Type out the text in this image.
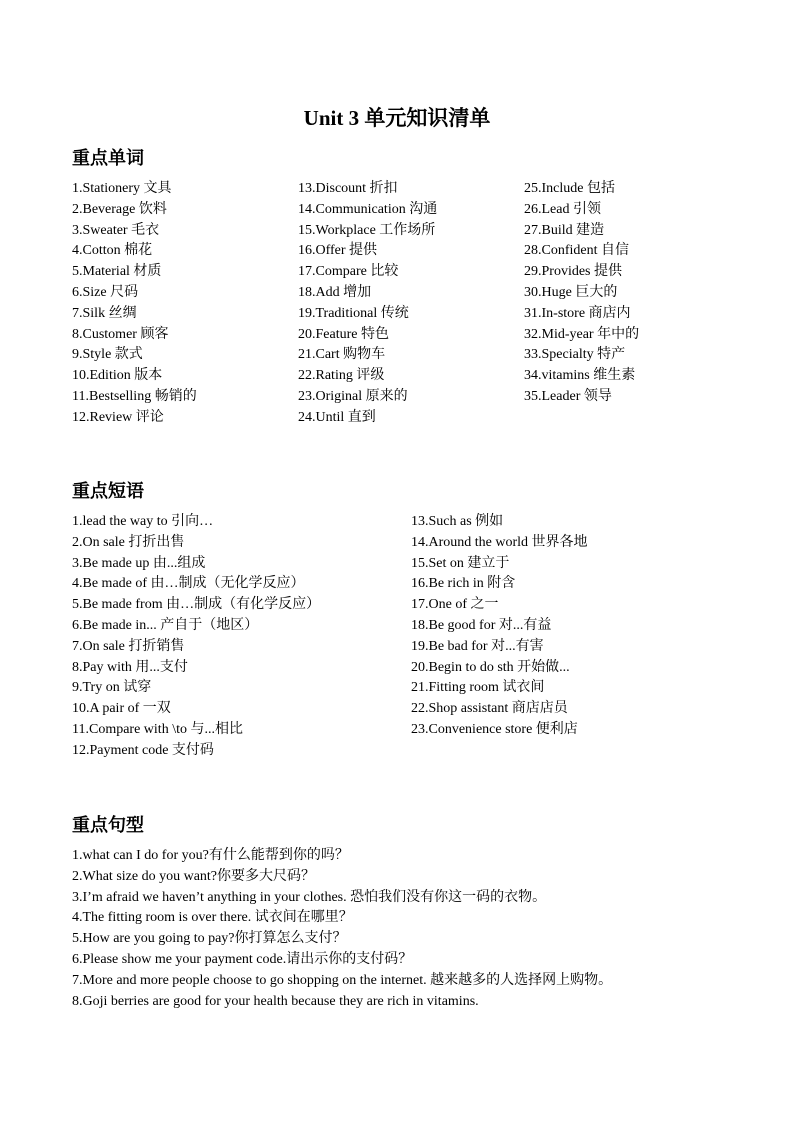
Unit 3 单元知识清单
重点单词
1.Stationery 文具
2.Beverage 饮料
3.Sweater 毛衣
4.Cotton 棉花
5.Material 材质
6.Size 尺码
7.Silk 丝绸
8.Customer 顾客
9.Style 款式
10.Edition 版本
11.Bestselling 畅销的
12.Review 评论
13.Discount 折扣
14.Communication 沟通
15.Workplace 工作场所
16.Offer 提供
17.Compare 比较
18.Add 增加
19.Traditional 传统
20.Feature 特色
21.Cart 购物车
22.Rating 评级
23.Original 原来的
24.Until 直到
25.Include 包括
26.Lead 引领
27.Build 建造
28.Confident 自信
29.Provides 提供
30.Huge 巨大的
31.In-store 商店内
32.Mid-year 年中的
33.Specialty 特产
34.vitamins 维生素
35.Leader 领导
重点短语
1.lead the way to 引向…
2.On sale 打折出售
3.Be made up 由...组成
4.Be made of 由…制成（无化学反应）
5.Be made from 由…制成（有化学反应）
6.Be made in... 产自于（地区）
7.On sale 打折销售
8.Pay with 用...支付
9.Try on 试穿
10.A pair of 一双
11.Compare with \to 与...相比
12.Payment code 支付码
13.Such as 例如
14.Around the world 世界各地
15.Set on 建立于
16.Be rich in 附含
17.One of 之一
18.Be good for 对...有益
19.Be bad for 对...有害
20.Begin to do sth 开始做...
21.Fitting room 试衣间
22.Shop assistant 商店店员
23.Convenience store 便利店
重点句型
1.what can I do for you?有什么能帮到你的吗？
2.What size do you want?你要多大尺码？
3.I’m afraid we haven’t anything in your clothes. 恐怕我们没有你这一码的衣物。
4.The fitting room is over there. 试衣间在哪里？
5.How are you going to pay?你打算怎么支付？
6.Please show me your payment code.请出示你的支付码？
7.More and more people choose to go shopping on the internet. 越来越多的人选择网上购物。
8.Goji berries are good for your health because they are rich in vitamins.
